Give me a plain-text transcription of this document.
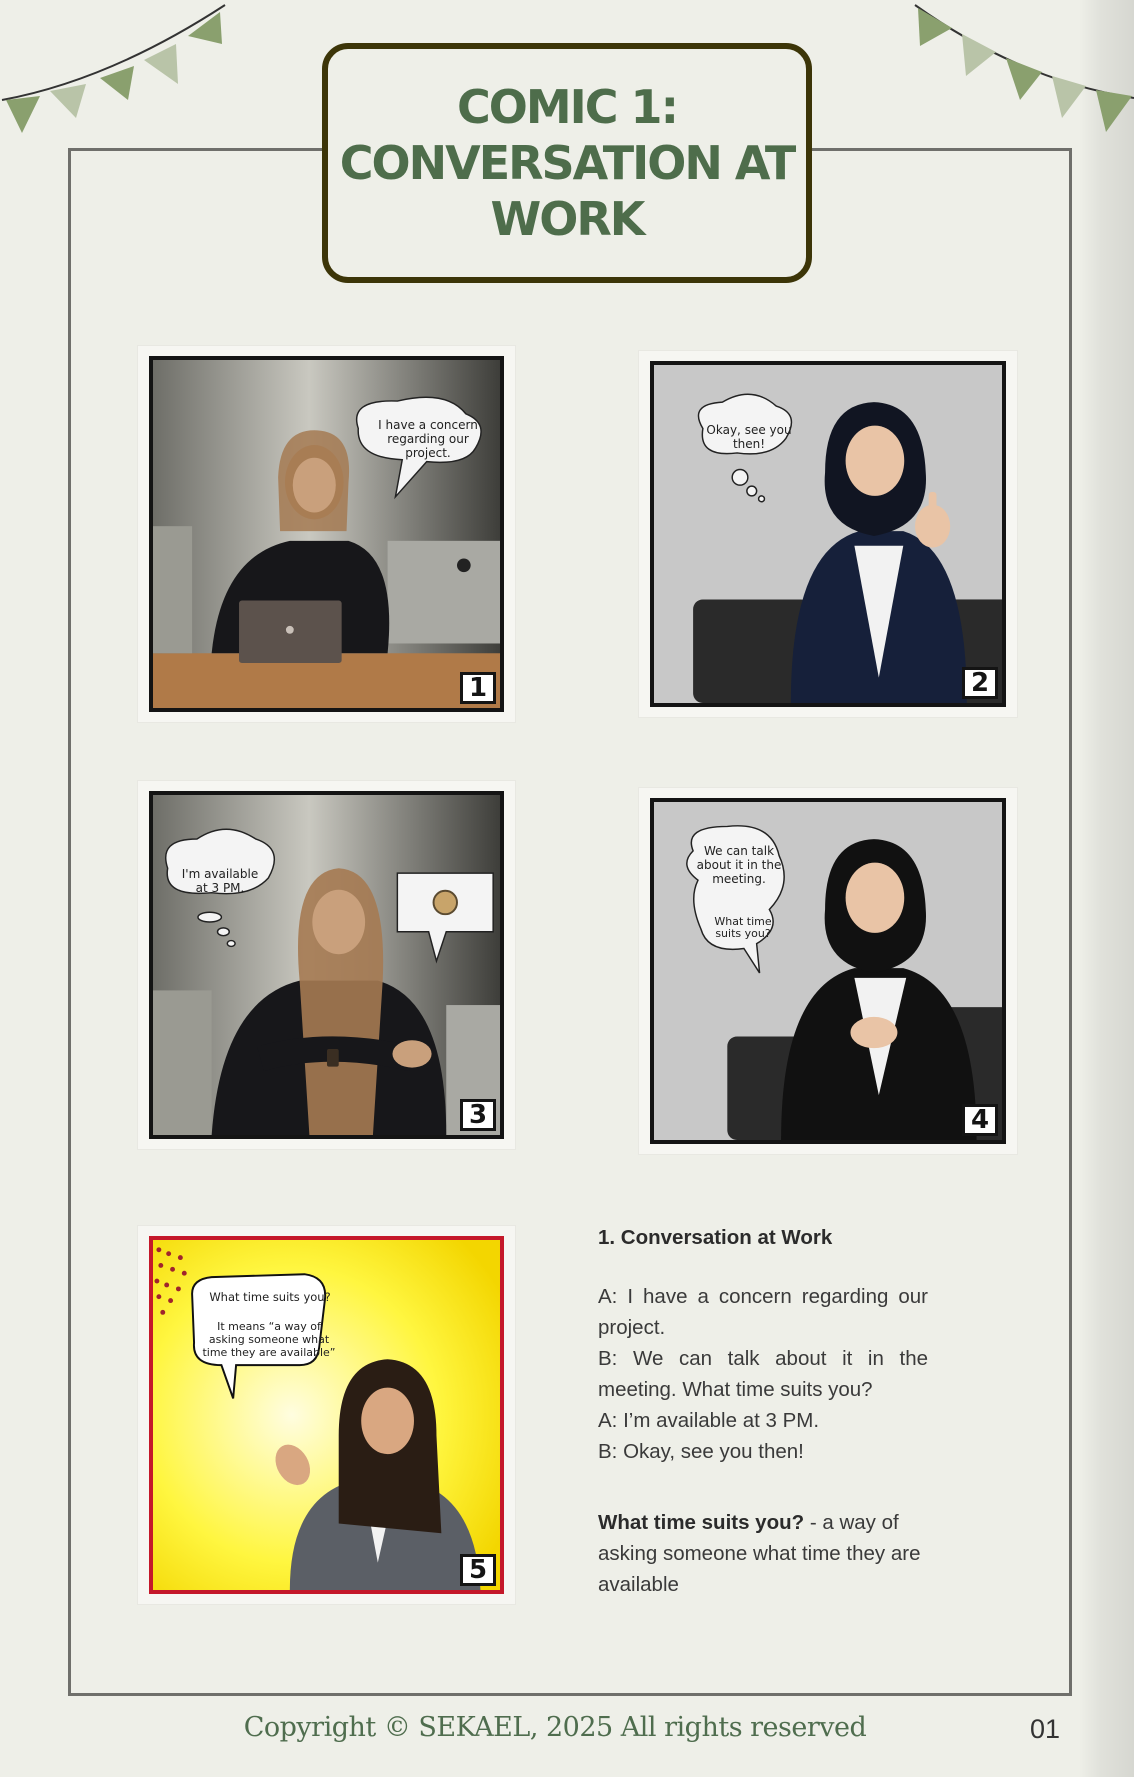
COMIC 1:
CONVERSATION AT
WORK
I have a concern regarding our project.
1
Okay, see you then!
2
I'm available at 3 PM.
3
We can talk about it in the meeting.
What time suits you?
4
What time suits you?
It means “a way of asking someone what time they are available”
5

1. Conversation at Work

A: I have a concern regarding our project.

B: We can talk about it in the meeting. What time suits you?

A: I’m available at 3 PM.

B: Okay, see you then!

What time suits you? - a way of asking someone what time they are available

Copyright © SEKAEL, 2025 All rights reserved	01
